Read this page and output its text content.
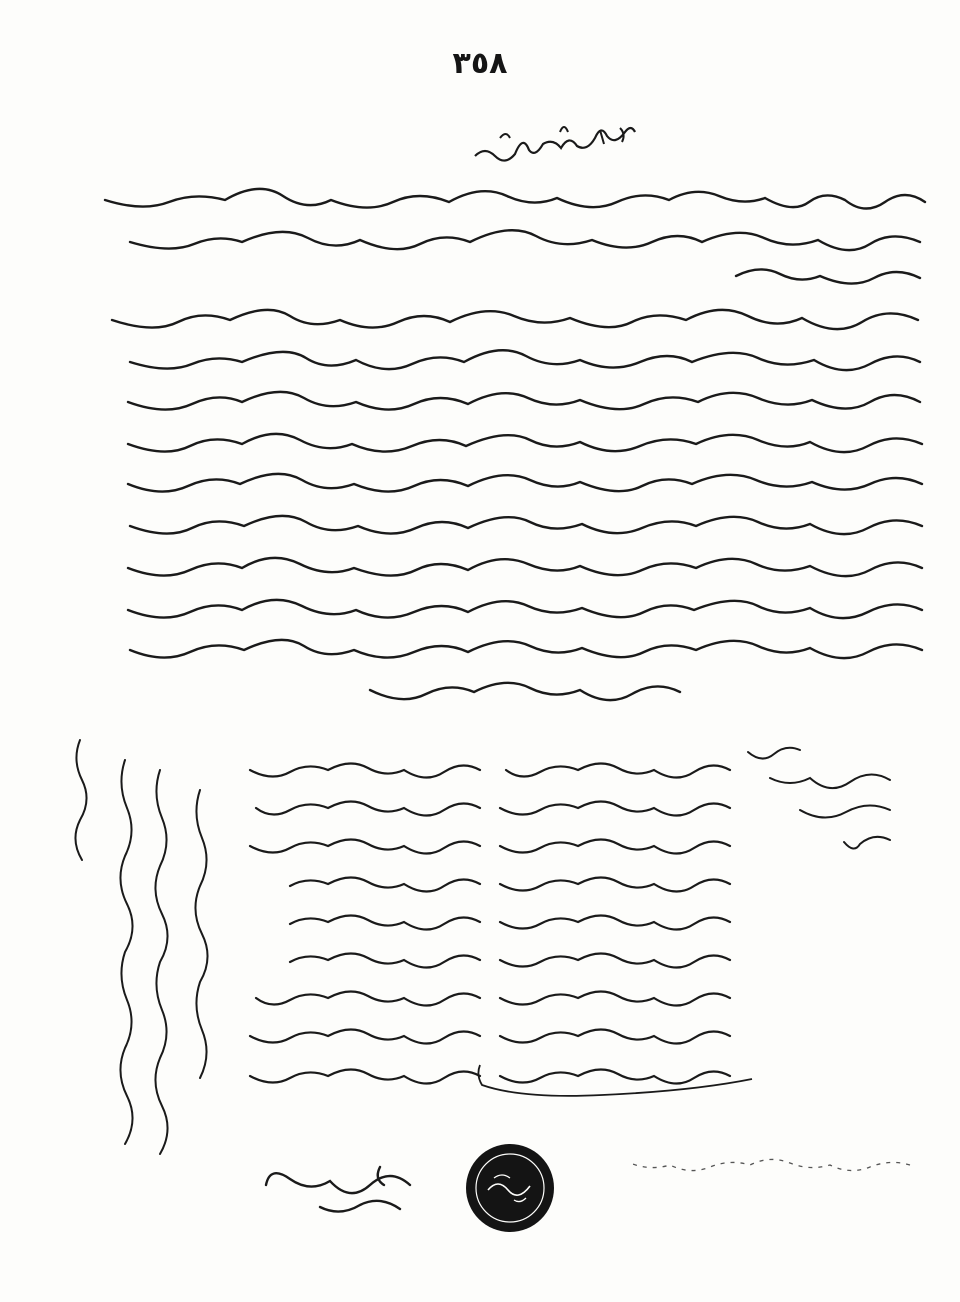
٣٥٨
